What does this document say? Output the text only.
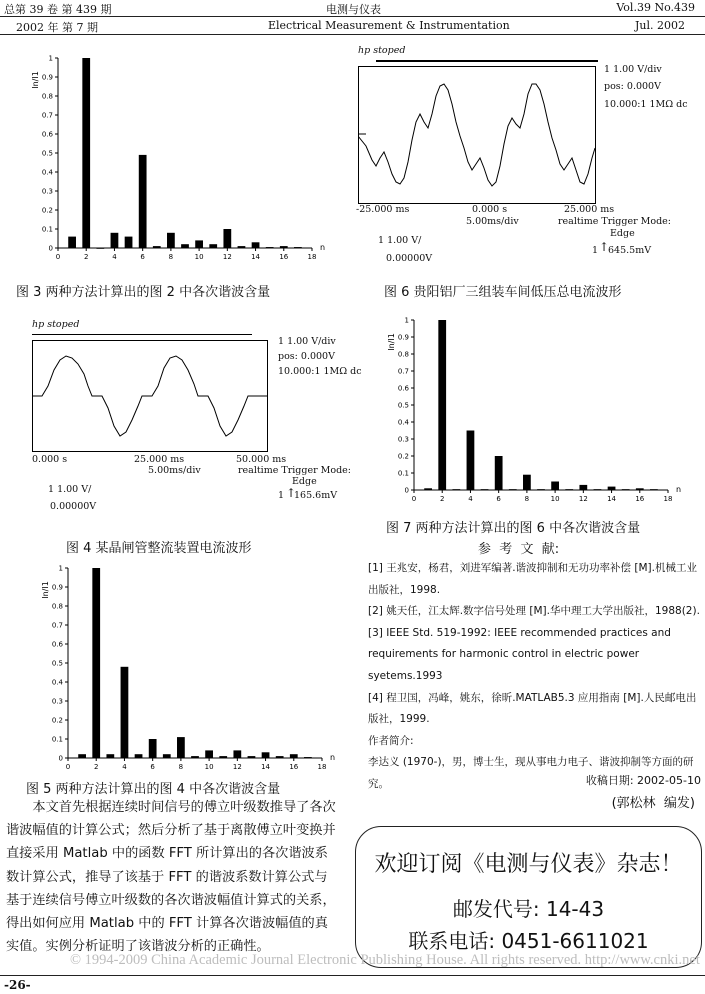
总第 39 卷 第 439 期	电测与仪表	Vol.39 No.439
2002 年 第 7 期	Electrical Measurement & Instrumentation	Jul. 2002
0
0.1
0.2
0.3
0.4
0.5
0.6
0.7
0.8
0.9
1
0	2	4	6	8	10	12	14	16	18
In/I1
n
图 3 两种方法计算出的图 2 中各次谐波含量
0
0.1
0.2
0.3
0.4
0.5
0.6
0.7
0.8
0.9
1
0	2	4	6	8	10	12	14	16	18
In/I1
n
图 5 两种方法计算出的图 4 中各次谐波含量
0
0.1
0.2
0.3
0.4
0.5
0.6
0.7
0.8
0.9
1
0	2	4	6	8	10	12	14	16	18
In/I1
n
图 7 两种方法计算出的图 6 中各次谐波含量
hp stoped
1 1.00 V/div
pos: 0.000V
10.000:1 1MΩ dc
0.000 s	25.000 ms
5.00ms/div
50.000 ms
realtime Trigger Mode:
Edge
1 1.00 V/
0.00000V
1 ↑
165.6mV
图 4 某晶闸管整流装置电流波形
hp stoped
1 1.00 V/div
pos: 0.000V
10.000:1 1MΩ dc
-25.000 ms	0.000 s
5.00ms/div
25.000 ms
realtime Trigger Mode:
Edge
1 1.00 V/
0.00000V
1 ↑
645.5mV
图 6 贵阳铝厂三组装车间低压总电流波形
本文首先根据连续时间信号的傅立叶级数推导了各次谐波幅值的计算公式；然后分析了基于离散傅立叶变换并直接采用 Matlab 中的函数 FFT 所计算出的各次谐波系数计算公式，推导了该基于 FFT 的谐波系数计算公式与基于连续信号傅立叶级数的各次谐波幅值计算式的关系，得出如何应用 Matlab 中的 FFT 计算各次谐波幅值的真实值。实例分析证明了该谐波分析的正确性。
参  考  文  献:
[1] 王兆安，杨君，刘进军编著.谐波抑制和无功功率补偿 [M].机械工业出版社，1998.
[2] 姚天任，江太辉.数字信号处理 [M].华中理工大学出版社，1988(2).
[3] IEEE Std. 519-1992: IEEE recommended practices and requirements for harmonic control in electric power syetems.1993
[4] 程卫国，冯峰，姚东，徐昕.MATLAB5.3 应用指南 [M].人民邮电出版社，1999.
作者简介:
李达义 (1970-)，男，博士生，现从事电力电子、谐波抑制等方面的研究。	收稿日期: 2002-05-10
(郭松林  编发)
欢迎订阅《电测与仪表》杂志！
邮发代号: 14-43
联系电话: 0451-6611021
© 1994-2009 China Academic Journal Electronic Publishing House. All rights reserved. http://www.cnki.net
-26-
